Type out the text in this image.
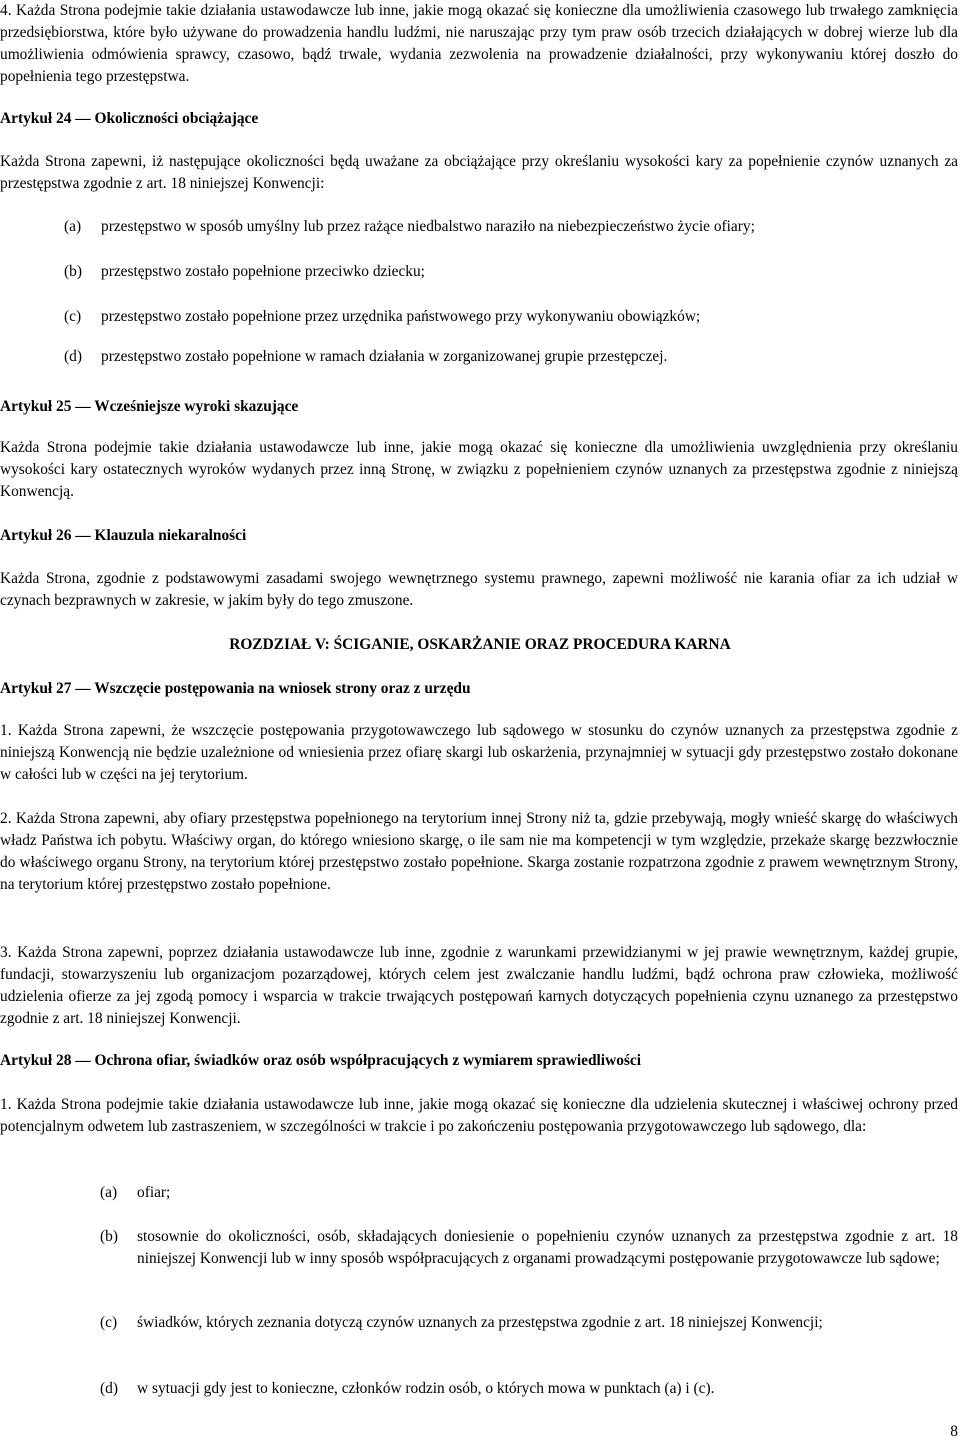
4. Każda Strona podejmie takie działania ustawodawcze lub inne, jakie mogą okazać się konieczne dla umożliwienia czasowego lub trwałego zamknięcia przedsiębiorstwa, które było używane do prowadzenia handlu ludźmi, nie naruszając przy tym praw osób trzecich działających w dobrej wierze lub dla umożliwienia odmówienia sprawcy, czasowo, bądź trwale, wydania zezwolenia na prowadzenie działalności, przy wykonywaniu której doszło do popełnienia tego przestępstwa.
Artykuł 24 — Okoliczności obciążające
Każda Strona zapewni, iż następujące okoliczności będą uważane za obciążające przy określaniu wysokości kary za popełnienie czynów uznanych za przestępstwa zgodnie z art. 18 niniejszej Konwencji:
(a) przestępstwo w sposób umyślny lub przez rażące niedbalstwo naraziło na niebezpieczeństwo życie ofiary;
(b) przestępstwo zostało popełnione przeciwko dziecku;
(c) przestępstwo zostało popełnione przez urzędnika państwowego przy wykonywaniu obowiązków;
(d) przestępstwo zostało popełnione w ramach działania w zorganizowanej grupie przestępczej.
Artykuł 25 — Wcześniejsze wyroki skazujące
Każda Strona podejmie takie działania ustawodawcze lub inne, jakie mogą okazać się konieczne dla umożliwienia uwzględnienia przy określaniu wysokości kary ostatecznych wyroków wydanych przez inną Stronę, w związku z popełnieniem czynów uznanych za przestępstwa zgodnie z niniejszą Konwencją.
Artykuł 26 — Klauzula niekaralności
Każda Strona, zgodnie z podstawowymi zasadami swojego wewnętrznego systemu prawnego, zapewni możliwość nie karania ofiar za ich udział w czynach bezprawnych w zakresie, w jakim były do tego zmuszone.
ROZDZIAŁ V: ŚCIGANIE, OSKARŻANIE ORAZ PROCEDURA KARNA
Artykuł 27 — Wszczęcie postępowania na wniosek strony oraz z urzędu
1. Każda Strona zapewni, że wszczęcie postępowania przygotowawczego lub sądowego w stosunku do czynów uznanych za przestępstwa zgodnie z niniejszą Konwencją nie będzie uzależnione od wniesienia przez ofiarę skargi lub oskarżenia, przynajmniej w sytuacji gdy przestępstwo zostało dokonane w całości lub w części na jej terytorium.
2. Każda Strona zapewni, aby ofiary przestępstwa popełnionego na terytorium innej Strony niż ta, gdzie przebywają, mogły wnieść skargę do właściwych władz Państwa ich pobytu. Właściwy organ, do którego wniesiono skargę, o ile sam nie ma kompetencji w tym względzie, przekaże skargę bezzwłocznie do właściwego organu Strony, na terytorium której przestępstwo zostało popełnione. Skarga zostanie rozpatrzona zgodnie z prawem wewnętrznym Strony, na terytorium której przestępstwo zostało popełnione.
3. Każda Strona zapewni, poprzez działania ustawodawcze lub inne, zgodnie z warunkami przewidzianymi w jej prawie wewnętrznym, każdej grupie, fundacji, stowarzyszeniu lub organizacjom pozarządowej, których celem jest zwalczanie handlu ludźmi, bądź ochrona praw człowieka, możliwość udzielenia ofierze za jej zgodą pomocy i wsparcia w trakcie trwających postępowań karnych dotyczących popełnienia czynu uznanego za przestępstwo zgodnie z art. 18 niniejszej Konwencji.
Artykuł 28 — Ochrona ofiar, świadków oraz osób współpracujących z wymiarem sprawiedliwości
1. Każda Strona podejmie takie działania ustawodawcze lub inne, jakie mogą okazać się konieczne dla udzielenia skutecznej i właściwej ochrony przed potencjalnym odwetem lub zastraszeniem, w szczególności w trakcie i po zakończeniu postępowania przygotowawczego lub sądowego, dla:
(a) ofiar;
(b) stosownie do okoliczności, osób, składających doniesienie o popełnieniu czynów uznanych za przestępstwa zgodnie z art. 18 niniejszej Konwencji lub w inny sposób współpracujących z organami prowadzącymi postępowanie przygotowawcze lub sądowe;
(c) świadków, których zeznania dotyczą czynów uznanych za przestępstwa zgodnie z art. 18 niniejszej Konwencji;
(d) w sytuacji gdy jest to konieczne, członków rodzin osób, o których mowa w punktach (a) i (c).
8
